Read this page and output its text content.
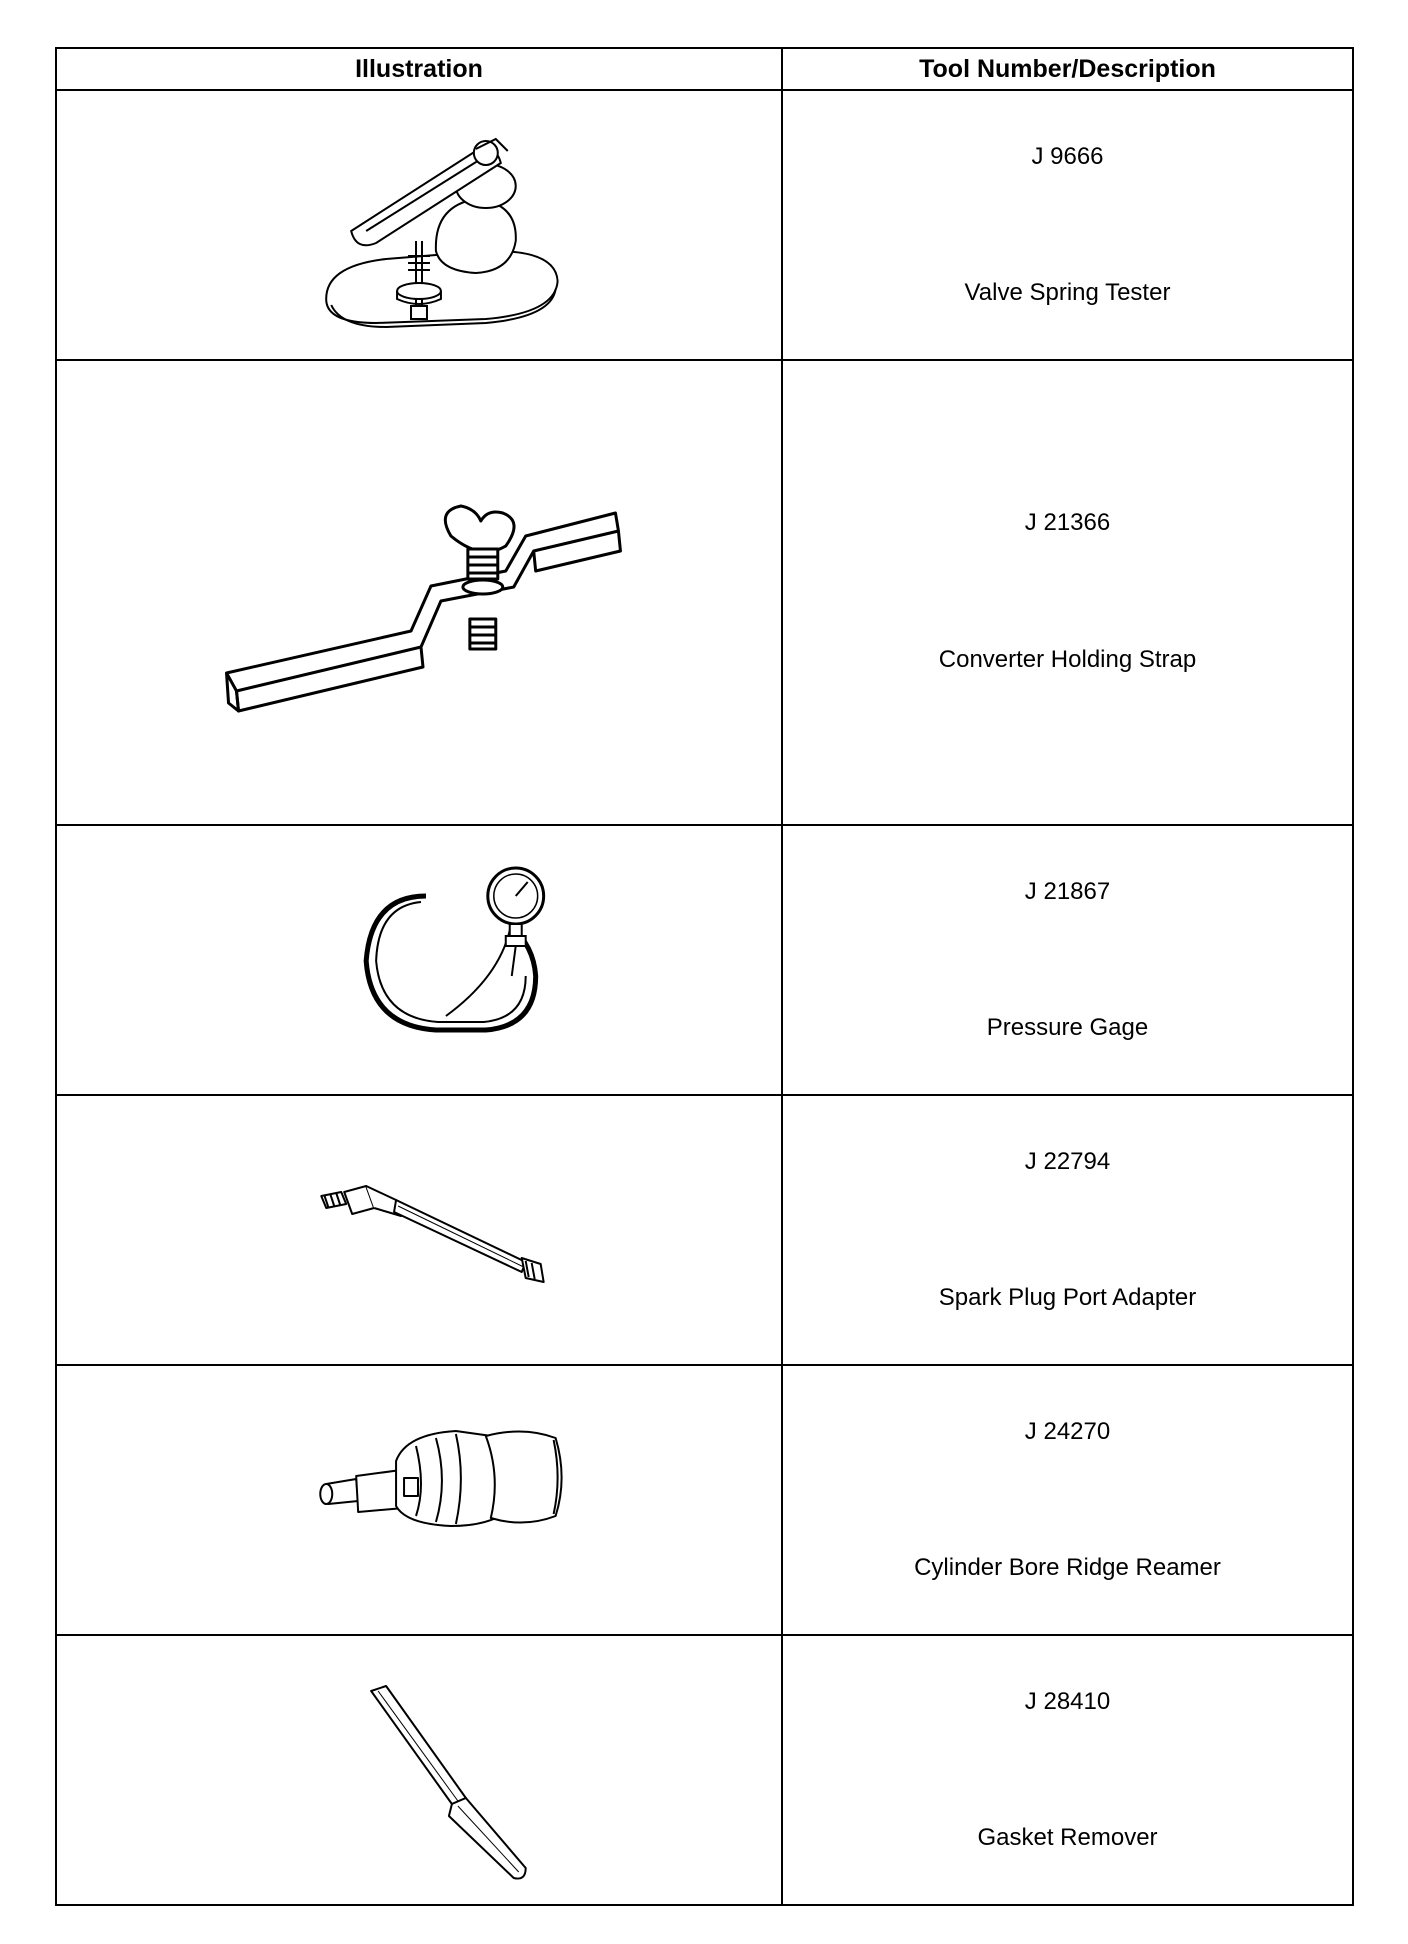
Illustration	Tool Number/Description

J 9666
Valve Spring Tester

J 21366
Converter Holding Strap

J 21867
Pressure Gage

J 22794
Spark Plug Port Adapter

J 24270
Cylinder Bore Ridge Reamer

J 28410
Gasket Remover
